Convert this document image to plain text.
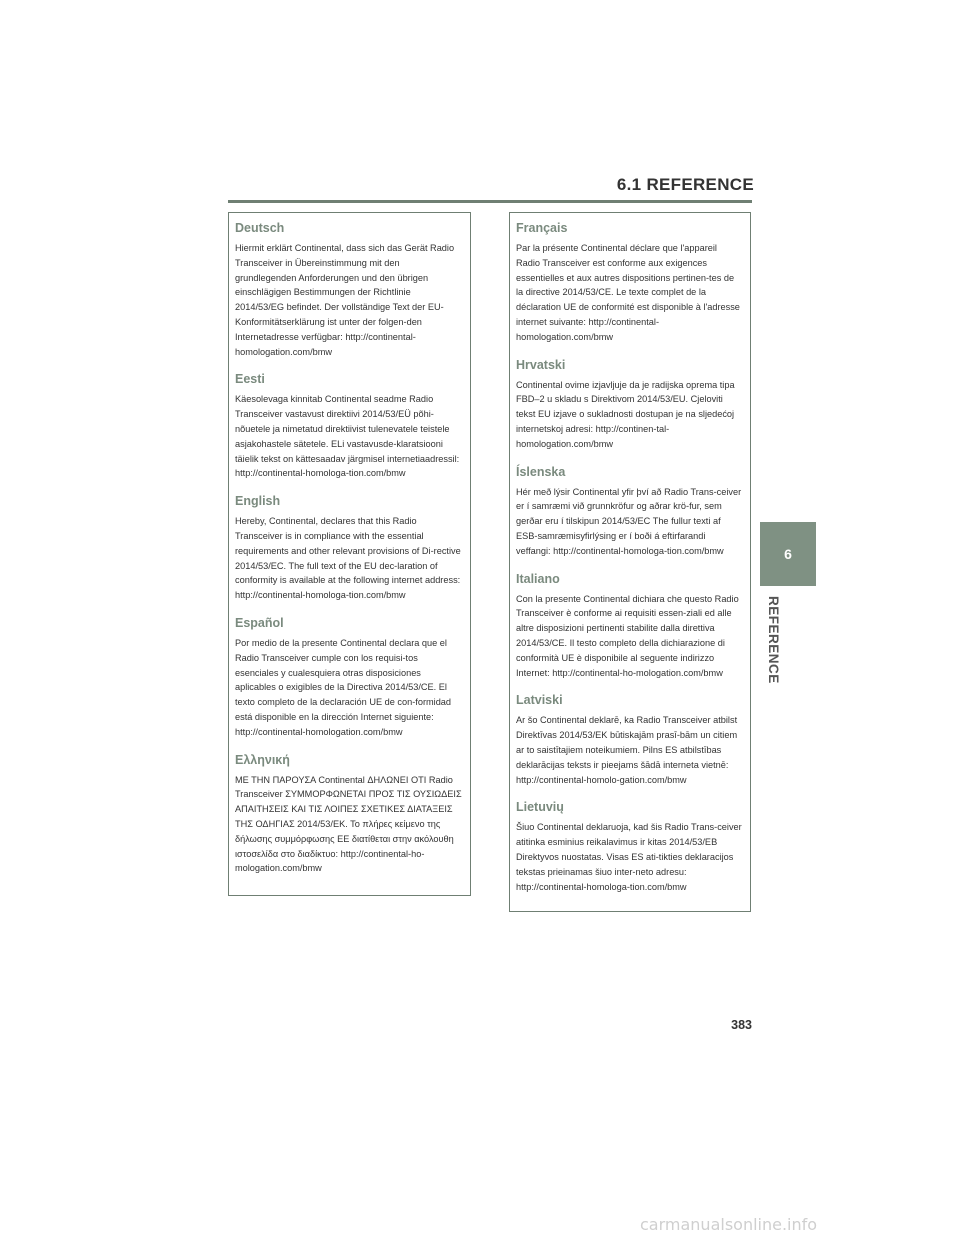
6.1 REFERENCE
Deutsch

Hiermit erklärt Continental, dass sich das Gerät Radio Transceiver in Übereinstimmung mit den grundlegenden Anforderungen und den übrigen einschlägigen Bestimmungen der Richtlinie 2014/53/EG befindet. Der vollständige Text der EU-Konformitätserklärung ist unter der folgen-den Internetadresse verfügbar: http://continental-homologation.com/bmw

Eesti

Käesolevaga kinnitab Continental seadme Radio Transceiver vastavust direktiivi 2014/53/EÜ põhi-nõuetele ja nimetatud direktiivist tulenevatele teistele asjakohastele sätetele. ELi vastavusde-klaratsiooni täielik tekst on kättesaadav järgmisel internetiaadressil: http://continental-homologa-tion.com/bmw

English

Hereby, Continental, declares that this Radio Transceiver is in compliance with the essential requirements and other relevant provisions of Di-rective 2014/53/EC. The full text of the EU dec-laration of conformity is available at the following internet address: http://continental-homologa-tion.com/bmw

Español

Por medio de la presente Continental declara que el Radio Transceiver cumple con los requisi-tos esenciales y cualesquiera otras disposiciones aplicables o exigibles de la Directiva 2014/53/CE. El texto completo de la declaración UE de con-formidad está disponible en la dirección Internet siguiente: http://continental-homologation.com/bmw

Ελληνική

ΜΕ ΤΗΝ ΠΑΡΟΥΣΑ Continental ΔΗΛΩΝΕΙ ΟΤΙ Radio Transceiver ΣΥΜΜΟΡΦΩΝΕΤΑΙ ΠΡΟΣ ΤΙΣ ΟΥΣΙΩΔΕΙΣ ΑΠΑΙΤΗΣΕΙΣ ΚΑΙ ΤΙΣ ΛΟΙΠΕΣ ΣΧΕΤΙΚΕΣ ΔΙΑΤΑΞΕΙΣ ΤΗΣ ΟΔΗΓΙΑΣ 2014/53/ΕΚ. Το πλήρες κείμενο της δήλωσης συμμόρφωσης ΕΕ διατίθεται στην ακόλουθη ιστοσελίδα στο διαδίκτυο: http://continental-ho-mologation.com/bmw

Français

Par la présente Continental déclare que l'appareil Radio Transceiver est conforme aux exigences essentielles et aux autres dispositions pertinen-tes de la directive 2014/53/CE. Le texte complet de la déclaration UE de conformité est disponible à l'adresse internet suivante: http://continental-homologation.com/bmw

Hrvatski

Continental ovime izjavljuje da je radijska oprema tipa FBD–2 u skladu s Direktivom 2014/53/EU. Cjeloviti tekst EU izjave o sukladnosti dostupan je na sljedećoj internetskoj adresi: http://continen-tal-homologation.com/bmw

Íslenska

Hér með lýsir Continental yfir því að Radio Trans-ceiver er í samræmi við grunnkröfur og aðrar krö-fur, sem gerðar eru í tilskipun 2014/53/EC The fullur texti af ESB-samræmisyfirlýsing er í boði á eftirfarandi veffangi: http://continental-homologa-tion.com/bmw

Italiano

Con la presente Continental dichiara che questo Radio Transceiver è conforme ai requisiti essen-ziali ed alle altre disposizioni pertinenti stabilite dalla direttiva 2014/53/CE. Il testo completo della dichiarazione di conformità UE è disponibile al seguente indirizzo Internet: http://continental-ho-mologation.com/bmw

Latviski

Ar šo Continental deklarē, ka Radio Transceiver atbilst Direktīvas 2014/53/EK būtiskajām prasī-bām un citiem ar to saistītajiem noteikumiem. Pilns ES atbilstības deklarācijas teksts ir pieejams šādā interneta vietnē: http://continental-homolo-gation.com/bmw

Lietuvių

Šiuo Continental deklaruoja, kad šis Radio Trans-ceiver atitinka esminius reikalavimus ir kitas 2014/53/EB Direktyvos nuostatas. Visas ES ati-tikties deklaracijos tekstas prieinamas šiuo inter-neto adresu: http://continental-homologa-tion.com/bmw

6
REFERENCE
383
carmanualsonline.info
